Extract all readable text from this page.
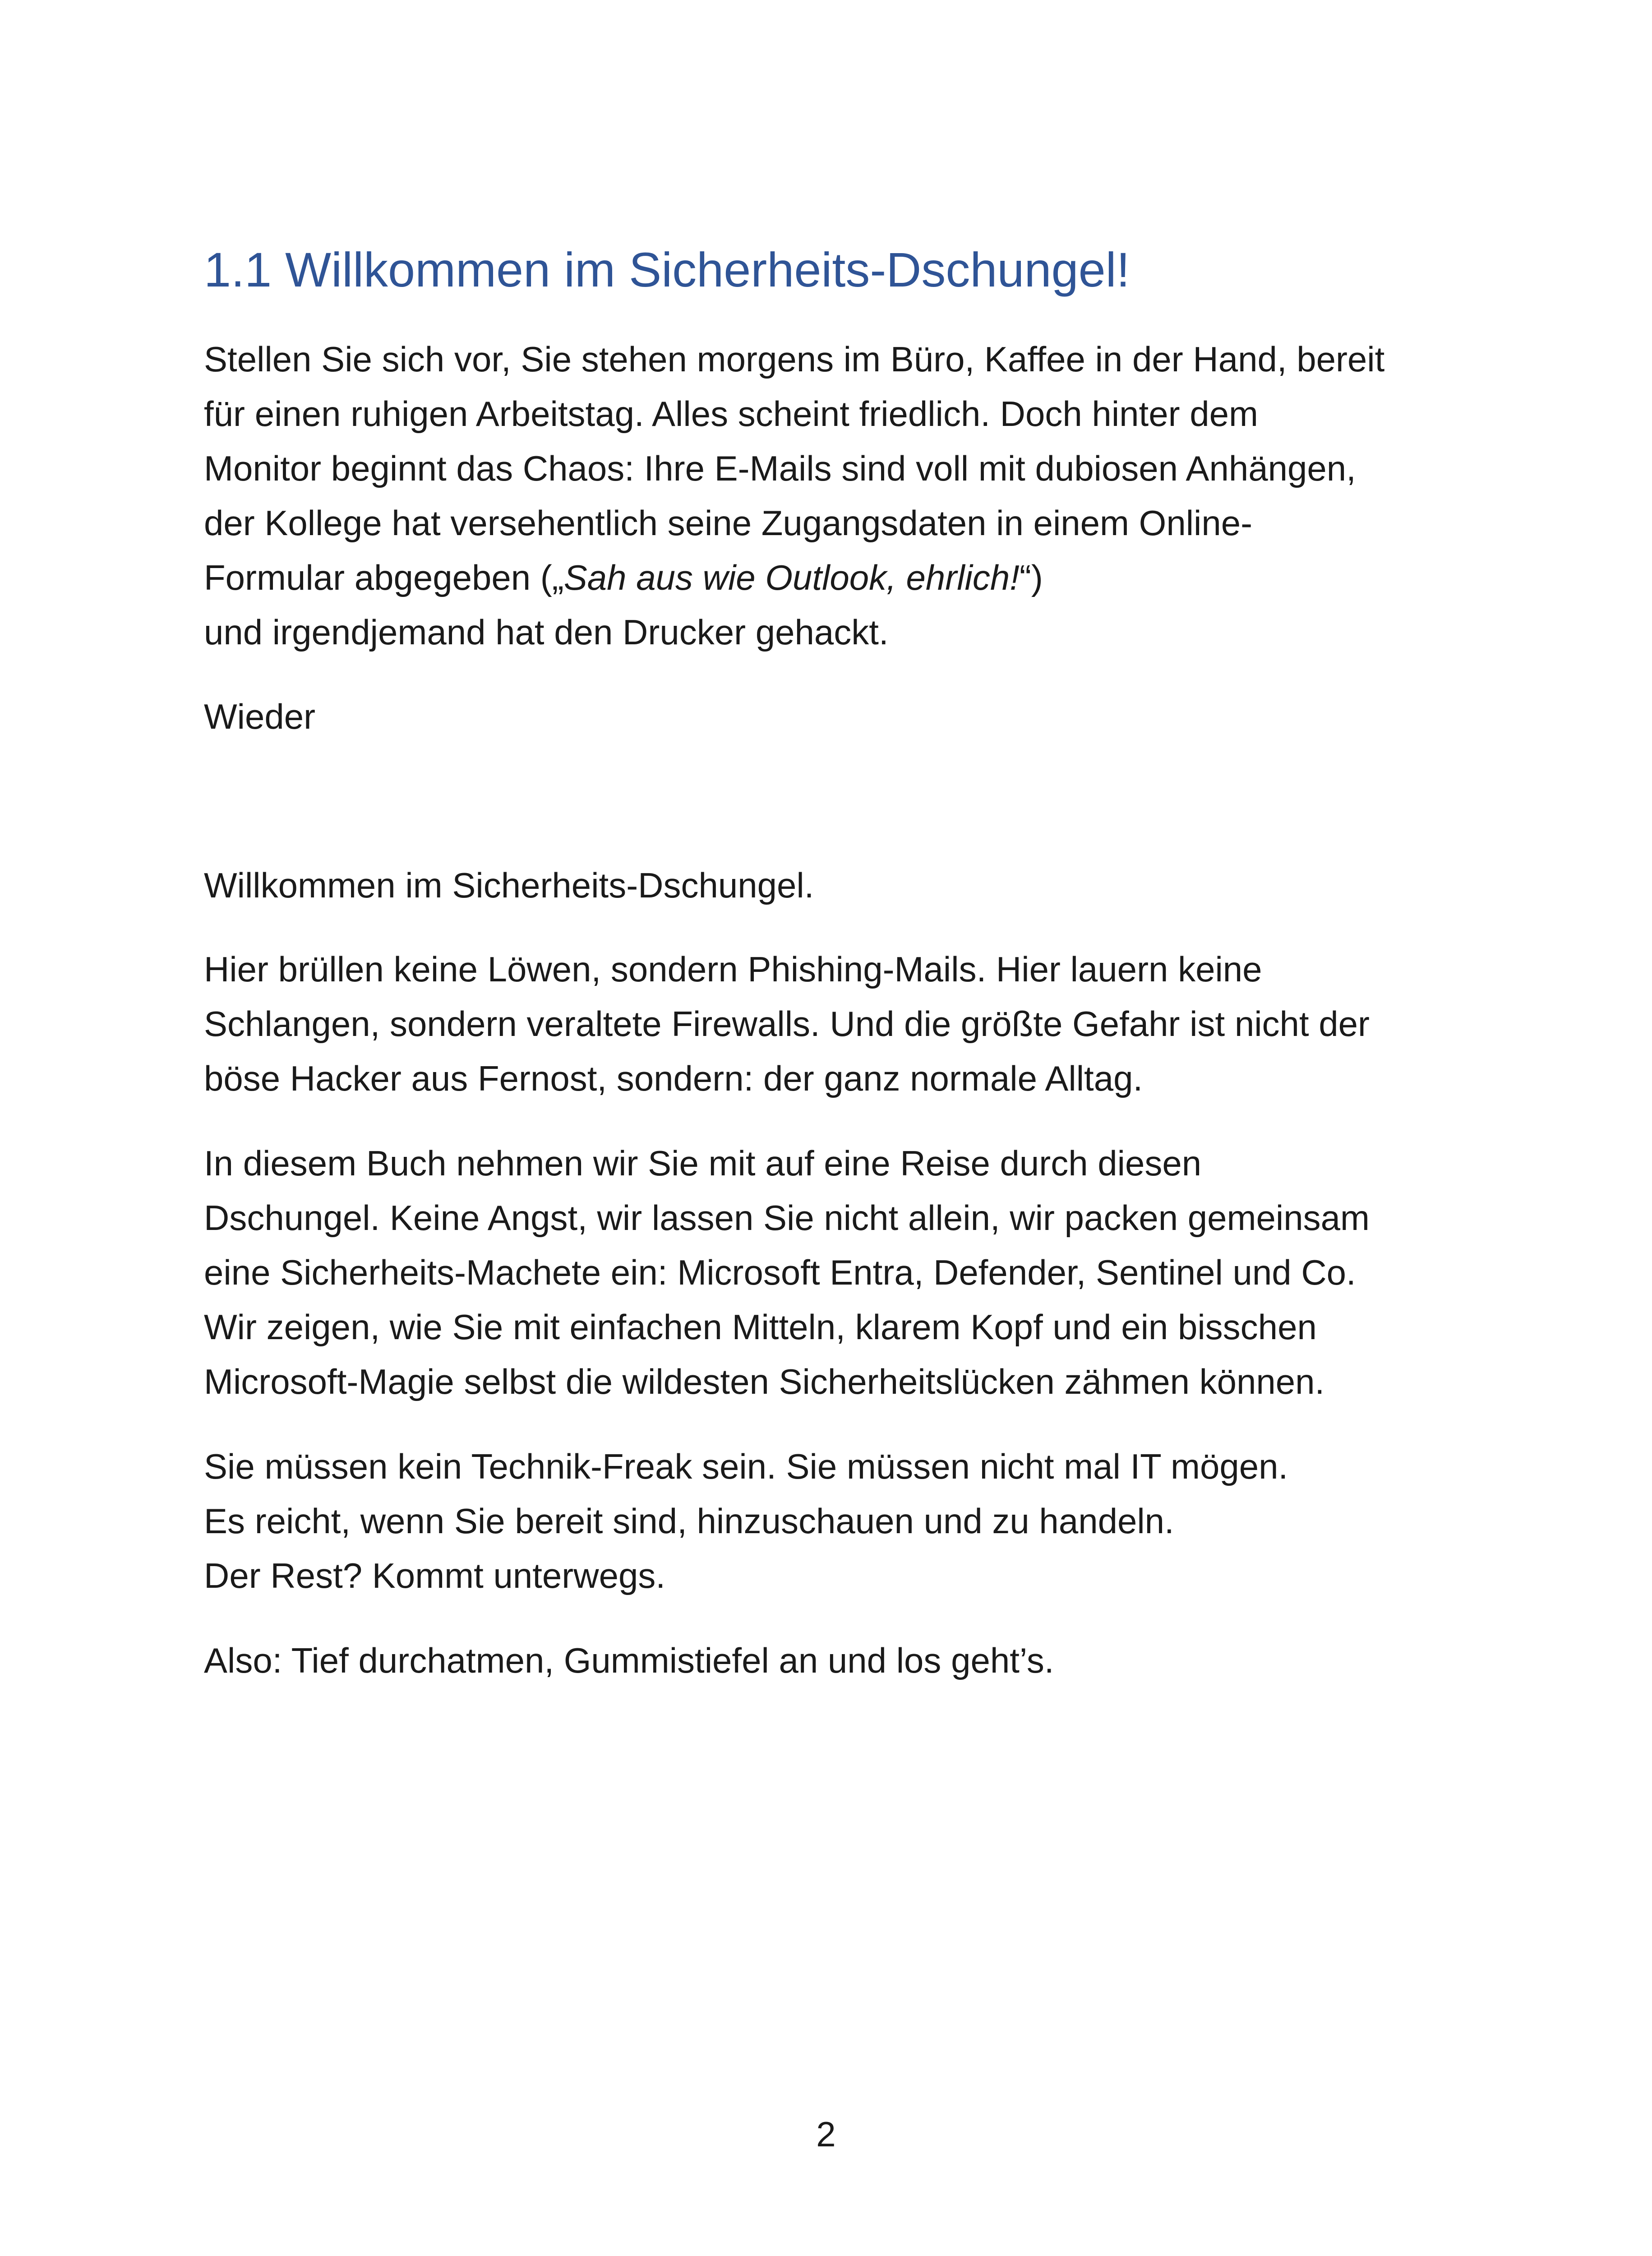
1.1 Willkommen im Sicherheits-Dschungel!

Stellen Sie sich vor, Sie stehen morgens im Büro, Kaffee in der Hand, bereit
für einen ruhigen Arbeitstag. Alles scheint friedlich. Doch hinter dem
Monitor beginnt das Chaos: Ihre E-Mails sind voll mit dubiosen Anhängen,
der Kollege hat versehentlich seine Zugangsdaten in einem Online-
Formular abgegeben („Sah aus wie Outlook, ehrlich!“)
und irgendjemand hat den Drucker gehackt.

Wieder

Willkommen im Sicherheits-Dschungel.

Hier brüllen keine Löwen, sondern Phishing-Mails. Hier lauern keine
Schlangen, sondern veraltete Firewalls. Und die größte Gefahr ist nicht der
böse Hacker aus Fernost, sondern: der ganz normale Alltag.

In diesem Buch nehmen wir Sie mit auf eine Reise durch diesen
Dschungel. Keine Angst, wir lassen Sie nicht allein, wir packen gemeinsam
eine Sicherheits-Machete ein: Microsoft Entra, Defender, Sentinel und Co.
Wir zeigen, wie Sie mit einfachen Mitteln, klarem Kopf und ein bisschen
Microsoft-Magie selbst die wildesten Sicherheitslücken zähmen können.

Sie müssen kein Technik-Freak sein. Sie müssen nicht mal IT mögen.
Es reicht, wenn Sie bereit sind, hinzuschauen und zu handeln.
Der Rest? Kommt unterwegs.

Also: Tief durchatmen, Gummistiefel an und los geht’s.

2
